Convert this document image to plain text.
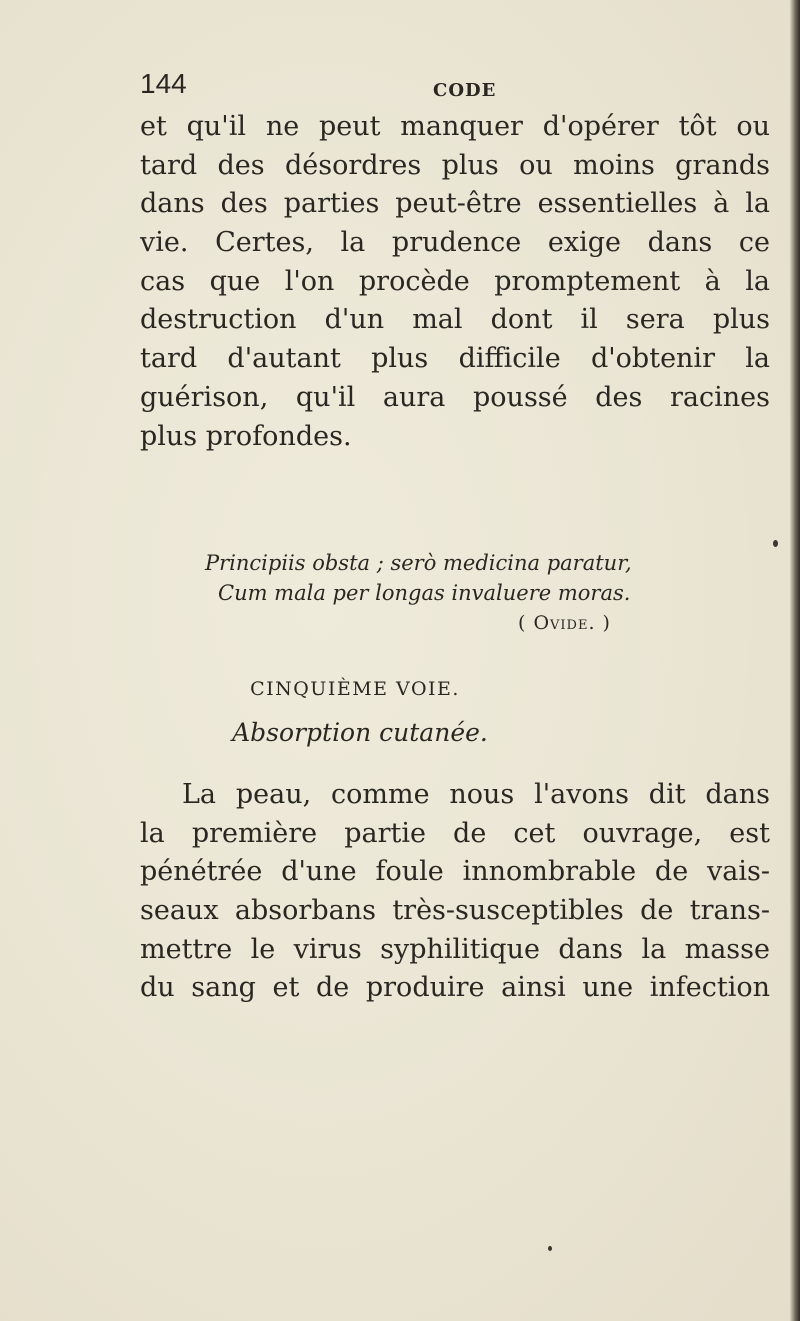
144	CODE
et qu'il ne peut manquer d'opérer tôt ou
tard des désordres plus ou moins grands
dans des parties peut-être essentielles à la
vie. Certes, la prudence exige dans ce
cas que l'on procède promptement à la
destruction d'un mal dont il sera plus
tard d'autant plus difficile d'obtenir la
guérison, qu'il aura poussé des racines
plus profondes.
Principiis obsta ; serò medicina paratur,
Cum mala per longas invaluere moras.
( Ovide. )
CINQUIÈME VOIE.
Absorption cutanée.
La peau, comme nous l'avons dit dans
la première partie de cet ouvrage, est
pénétrée d'une foule innombrable de vais-
seaux absorbans très-susceptibles de trans-
mettre le virus syphilitique dans la masse
du sang et de produire ainsi une infection
